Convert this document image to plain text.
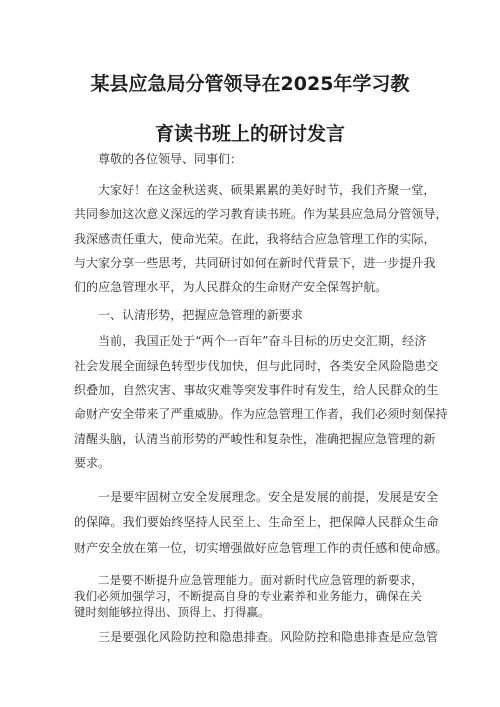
某县应急局分管领导在2025年学习教
育读书班上的研讨发言

尊敬的各位领导、同事们：

大家好！在这金秋送爽、硕果累累的美好时节，我们齐聚一堂，

共同参加这次意义深远的学习教育读书班。作为某县应急局分管领导，

我深感责任重大，使命光荣。在此，我将结合应急管理工作的实际，

与大家分享一些思考，共同研讨如何在新时代背景下，进一步提升我

们的应急管理水平，为人民群众的生命财产安全保驾护航。

一、认清形势，把握应急管理的新要求

当前，我国正处于“两个一百年”奋斗目标的历史交汇期，经济

社会发展全面绿色转型步伐加快，但与此同时，各类安全风险隐患交

织叠加，自然灾害、事故灾难等突发事件时有发生，给人民群众的生

命财产安全带来了严重威胁。作为应急管理工作者，我们必须时刻保持

清醒头脑，认清当前形势的严峻性和复杂性，准确把握应急管理的新

要求。

一是要牢固树立安全发展理念。安全是发展的前提，发展是安全

的保障。我们要始终坚持人民至上、生命至上，把保障人民群众生命

财产安全放在第一位，切实增强做好应急管理工作的责任感和使命感。

二是要不断提升应急管理能力。面对新时代应急管理的新要求，

我们必须加强学习，不断提高自身的专业素养和业务能力，确保在关

键时刻能够拉得出、顶得上、打得赢。

三是要强化风险防控和隐患排查。风险防控和隐患排查是应急管
